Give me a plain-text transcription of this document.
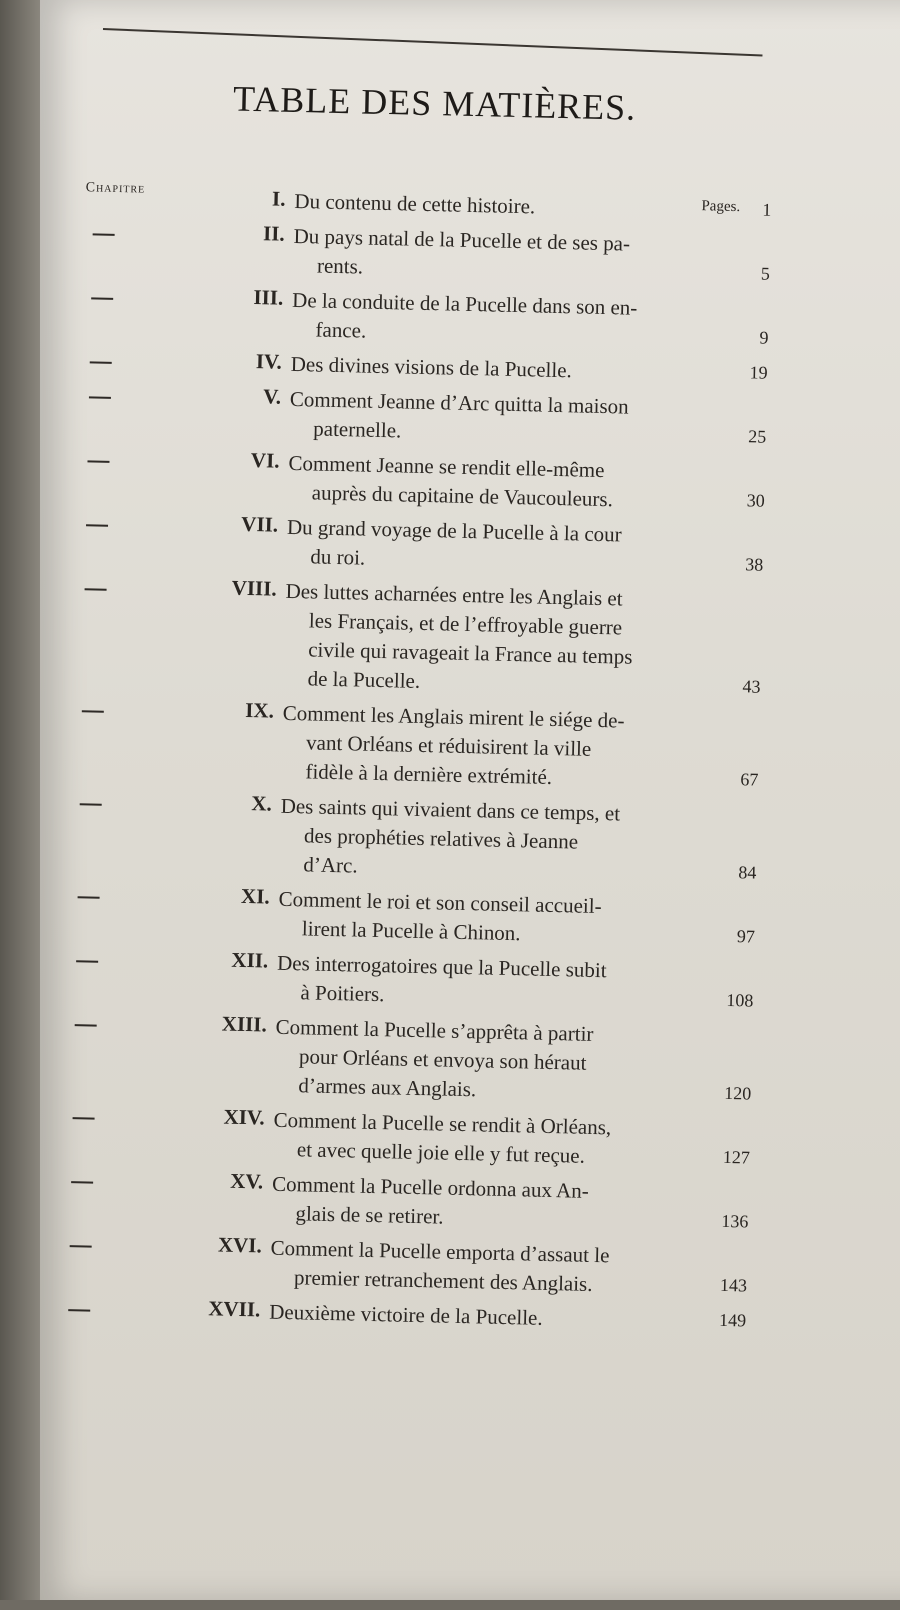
TABLE DES MATIÈRES.
Chapitre
Pages.
I. Du contenu de cette histoire.	1
II. Du pays natal de la Pucelle et de ses pa-
rents.	5
III. De la conduite de la Pucelle dans son en-
fance.	9
IV. Des divines visions de la Pucelle.	19
V. Comment Jeanne d’Arc quitta la maison
paternelle.	25
VI. Comment Jeanne se rendit elle-même
auprès du capitaine de Vaucouleurs.	30
VII. Du grand voyage de la Pucelle à la cour
du roi.	38
VIII. Des luttes acharnées entre les Anglais et
les Français, et de l’effroyable guerre
civile qui ravageait la France au temps
de la Pucelle.	43
IX. Comment les Anglais mirent le siége de-
vant Orléans et réduisirent la ville
fidèle à la dernière extrémité.	67
X. Des saints qui vivaient dans ce temps, et
des prophéties relatives à Jeanne
d’Arc.	84
XI. Comment le roi et son conseil accueil-
lirent la Pucelle à Chinon.	97
XII. Des interrogatoires que la Pucelle subit
à Poitiers.	108
XIII. Comment la Pucelle s’apprêta à partir
pour Orléans et envoya son héraut
d’armes aux Anglais.	120
XIV. Comment la Pucelle se rendit à Orléans,
et avec quelle joie elle y fut reçue.	127
XV. Comment la Pucelle ordonna aux An-
glais de se retirer.	136
XVI. Comment la Pucelle emporta d’assaut le
premier retranchement des Anglais.	143
XVII. Deuxième victoire de la Pucelle.	149
